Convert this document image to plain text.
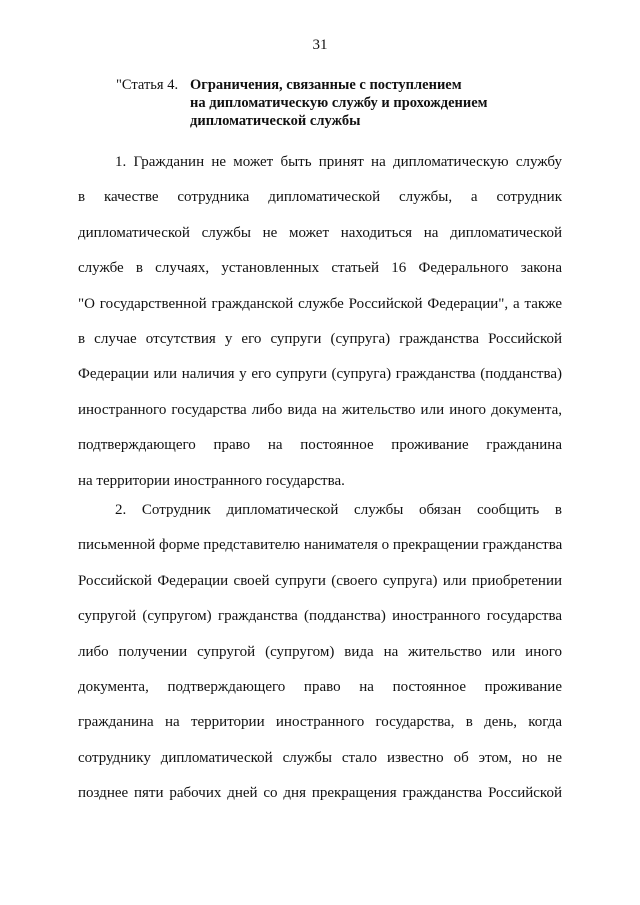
31
"Статья 4. Ограничения, связанные с поступлением
на дипломатическую службу и прохождением
дипломатической службы
1. Гражданин не может быть принят на дипломатическую службу
в качестве сотрудника дипломатической службы, а сотрудник
дипломатической службы не может находиться на дипломатической
службе в случаях, установленных статьей 16 Федерального закона
"О государственной гражданской службе Российской Федерации", а также
в случае отсутствия у его супруги (супруга) гражданства Российской
Федерации или наличия у его супруги (супруга) гражданства (подданства)
иностранного государства либо вида на жительство или иного документа,
подтверждающего право на постоянное проживание гражданина
на территории иностранного государства.
2. Сотрудник дипломатической службы обязан сообщить в
письменной форме представителю нанимателя о прекращении гражданства
Российской Федерации своей супруги (своего супруга) или приобретении
супругой (супругом) гражданства (подданства) иностранного государства
либо получении супругой (супругом) вида на жительство или иного
документа, подтверждающего право на постоянное проживание
гражданина на территории иностранного государства, в день, когда
сотруднику дипломатической службы стало известно об этом, но не
позднее пяти рабочих дней со дня прекращения гражданства Российской
